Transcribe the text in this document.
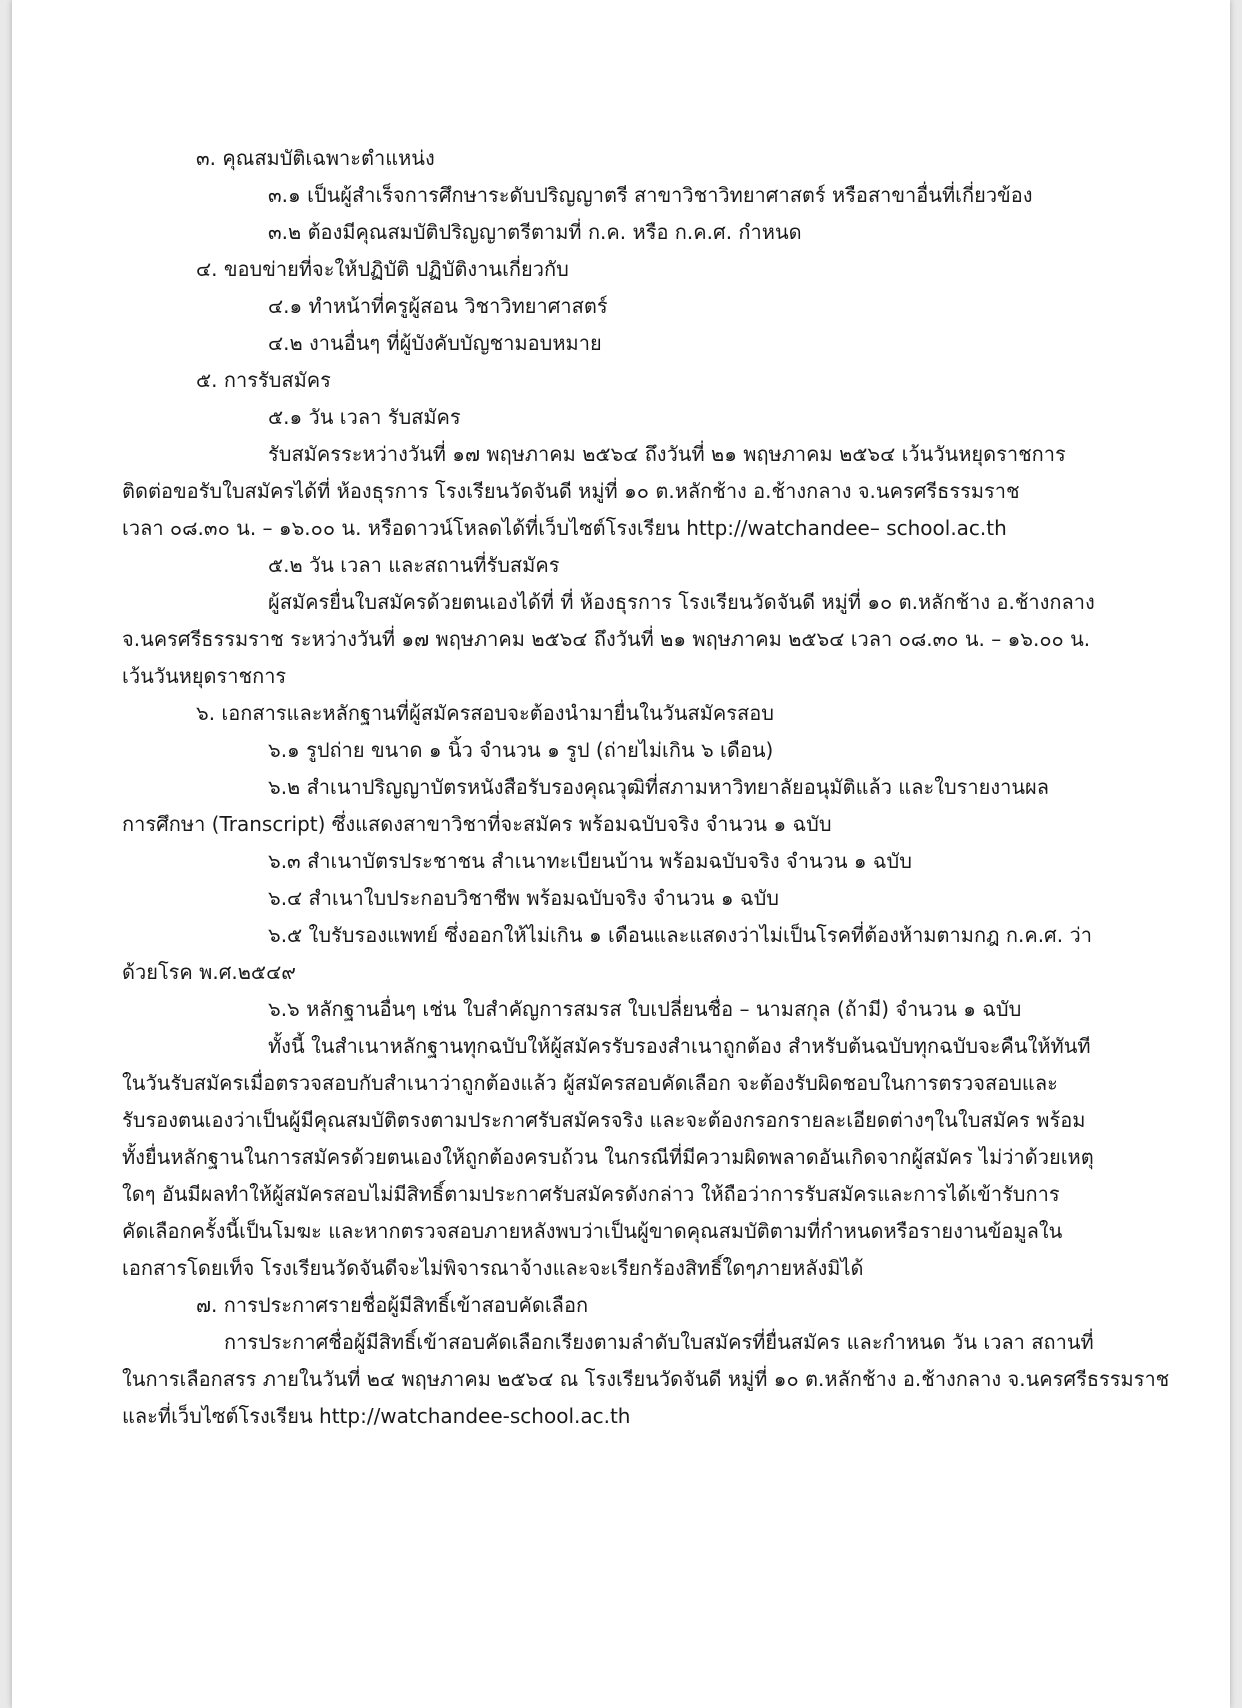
๓. คุณสมบัติเฉพาะตำแหน่ง
๓.๑ เป็นผู้สำเร็จการศึกษาระดับปริญญาตรี สาขาวิชาวิทยาศาสตร์ หรือสาขาอื่นที่เกี่ยวข้อง
๓.๒ ต้องมีคุณสมบัติปริญญาตรีตามที่ ก.ค. หรือ ก.ค.ศ. กำหนด
๔. ขอบข่ายที่จะให้ปฏิบัติ ปฏิบัติงานเกี่ยวกับ
๔.๑ ทำหน้าที่ครูผู้สอน วิชาวิทยาศาสตร์
๔.๒ งานอื่นๆ ที่ผู้บังคับบัญชามอบหมาย
๕. การรับสมัคร
๕.๑ วัน เวลา รับสมัคร
รับสมัครระหว่างวันที่ ๑๗ พฤษภาคม ๒๕๖๔ ถึงวันที่ ๒๑ พฤษภาคม ๒๕๖๔ เว้นวันหยุดราชการ
ติดต่อขอรับใบสมัครได้ที่ ห้องธุรการ โรงเรียนวัดจันดี หมู่ที่ ๑๐ ต.หลักช้าง อ.ช้างกลาง จ.นครศรีธรรมราช
เวลา ๐๘.๓๐ น. – ๑๖.๐๐ น. หรือดาวน์โหลดได้ที่เว็บไซต์โรงเรียน http://watchandee– school.ac.th
๕.๒ วัน เวลา และสถานที่รับสมัคร
ผู้สมัครยื่นใบสมัครด้วยตนเองได้ที่ ที่ ห้องธุรการ โรงเรียนวัดจันดี หมู่ที่ ๑๐ ต.หลักช้าง อ.ช้างกลาง
จ.นครศรีธรรมราช ระหว่างวันที่ ๑๗ พฤษภาคม ๒๕๖๔ ถึงวันที่ ๒๑ พฤษภาคม ๒๕๖๔ เวลา ๐๘.๓๐ น. – ๑๖.๐๐ น.
เว้นวันหยุดราชการ
๖. เอกสารและหลักฐานที่ผู้สมัครสอบจะต้องนำมายื่นในวันสมัครสอบ
๖.๑ รูปถ่าย ขนาด ๑ นิ้ว จำนวน ๑ รูป (ถ่ายไม่เกิน ๖ เดือน)
๖.๒ สำเนาปริญญาบัตรหนังสือรับรองคุณวุฒิที่สภามหาวิทยาลัยอนุมัติแล้ว และใบรายงานผล
การศึกษา (Transcript) ซึ่งแสดงสาขาวิชาที่จะสมัคร พร้อมฉบับจริง จำนวน ๑ ฉบับ
๖.๓ สำเนาบัตรประชาชน สำเนาทะเบียนบ้าน พร้อมฉบับจริง จำนวน ๑ ฉบับ
๖.๔ สำเนาใบประกอบวิชาชีพ พร้อมฉบับจริง จำนวน ๑ ฉบับ
๖.๕ ใบรับรองแพทย์ ซึ่งออกให้ไม่เกิน ๑ เดือนและแสดงว่าไม่เป็นโรคที่ต้องห้ามตามกฎ ก.ค.ศ. ว่า
ด้วยโรค พ.ศ.๒๕๔๙
๖.๖ หลักฐานอื่นๆ เช่น ใบสำคัญการสมรส ใบเปลี่ยนชื่อ – นามสกุล (ถ้ามี) จำนวน ๑ ฉบับ
ทั้งนี้ ในสำเนาหลักฐานทุกฉบับให้ผู้สมัครรับรองสำเนาถูกต้อง สำหรับต้นฉบับทุกฉบับจะคืนให้ทันที
ในวันรับสมัครเมื่อตรวจสอบกับสำเนาว่าถูกต้องแล้ว ผู้สมัครสอบคัดเลือก จะต้องรับผิดชอบในการตรวจสอบและ
รับรองตนเองว่าเป็นผู้มีคุณสมบัติตรงตามประกาศรับสมัครจริง และจะต้องกรอกรายละเอียดต่างๆในใบสมัคร พร้อม
ทั้งยื่นหลักฐานในการสมัครด้วยตนเองให้ถูกต้องครบถ้วน ในกรณีที่มีความผิดพลาดอันเกิดจากผู้สมัคร ไม่ว่าด้วยเหตุ
ใดๆ อันมีผลทำให้ผู้สมัครสอบไม่มีสิทธิ์ตามประกาศรับสมัครดังกล่าว ให้ถือว่าการรับสมัครและการได้เข้ารับการ
คัดเลือกครั้งนี้เป็นโมฆะ และหากตรวจสอบภายหลังพบว่าเป็นผู้ขาดคุณสมบัติตามที่กำหนดหรือรายงานข้อมูลใน
เอกสารโดยเท็จ โรงเรียนวัดจันดีจะไม่พิจารณาจ้างและจะเรียกร้องสิทธิ์ใดๆภายหลังมิได้
๗. การประกาศรายชื่อผู้มีสิทธิ์เข้าสอบคัดเลือก
การประกาศชื่อผู้มีสิทธิ์เข้าสอบคัดเลือกเรียงตามลำดับใบสมัครที่ยื่นสมัคร และกำหนด วัน เวลา สถานที่
ในการเลือกสรร ภายในวันที่ ๒๔ พฤษภาคม ๒๕๖๔ ณ โรงเรียนวัดจันดี หมู่ที่ ๑๐ ต.หลักช้าง อ.ช้างกลาง จ.นครศรีธรรมราช
และที่เว็บไซต์โรงเรียน http://watchandee-school.ac.th
